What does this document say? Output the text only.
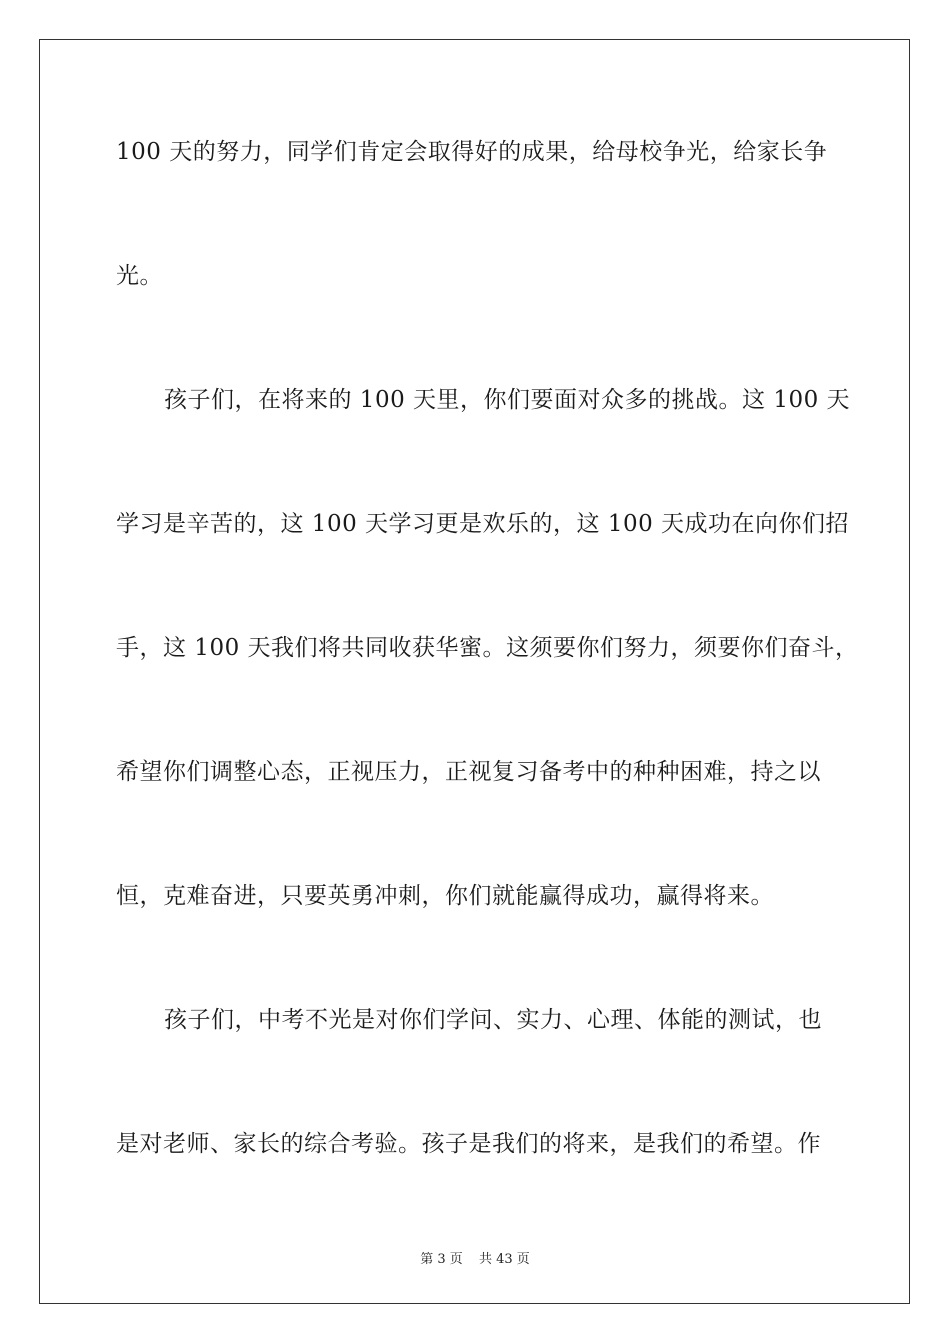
100 天的努力，同学们肯定会取得好的成果，给母校争光，给家长争
光。
孩子们，在将来的 100 天里，你们要面对众多的挑战。这 100 天
学习是辛苦的，这 100 天学习更是欢乐的，这 100 天成功在向你们招
手，这 100 天我们将共同收获华蜜。这须要你们努力，须要你们奋斗，
希望你们调整心态，正视压力，正视复习备考中的种种困难，持之以
恒，克难奋进，只要英勇冲刺，你们就能赢得成功，赢得将来。
孩子们，中考不光是对你们学问、实力、心理、体能的测试，也
是对老师、家长的综合考验。孩子是我们的将来，是我们的希望。作
第 3 页 共 43 页
